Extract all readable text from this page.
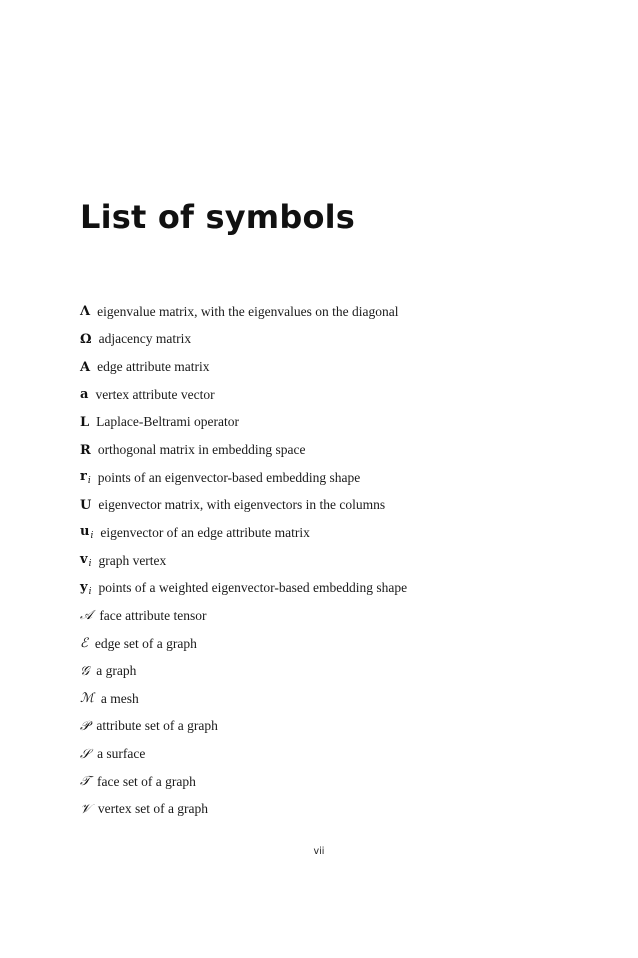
List of symbols
Λ eigenvalue matrix, with the eigenvalues on the diagonal
Ω adjacency matrix
A edge attribute matrix
a vertex attribute vector
L Laplace-Beltrami operator
R orthogonal matrix in embedding space
$r_i$ points of an eigenvector-based embedding shape
U eigenvector matrix, with eigenvectors in the columns
$u_i$ eigenvector of an edge attribute matrix
$v_i$ graph vertex
$y_i$ points of a weighted eigenvector-based embedding shape
𝒜 face attribute tensor
ℰ edge set of a graph
𝒢 a graph
ℳ a mesh
𝒫 attribute set of a graph
𝒮 a surface
𝒯 face set of a graph
𝒱 vertex set of a graph
vii
